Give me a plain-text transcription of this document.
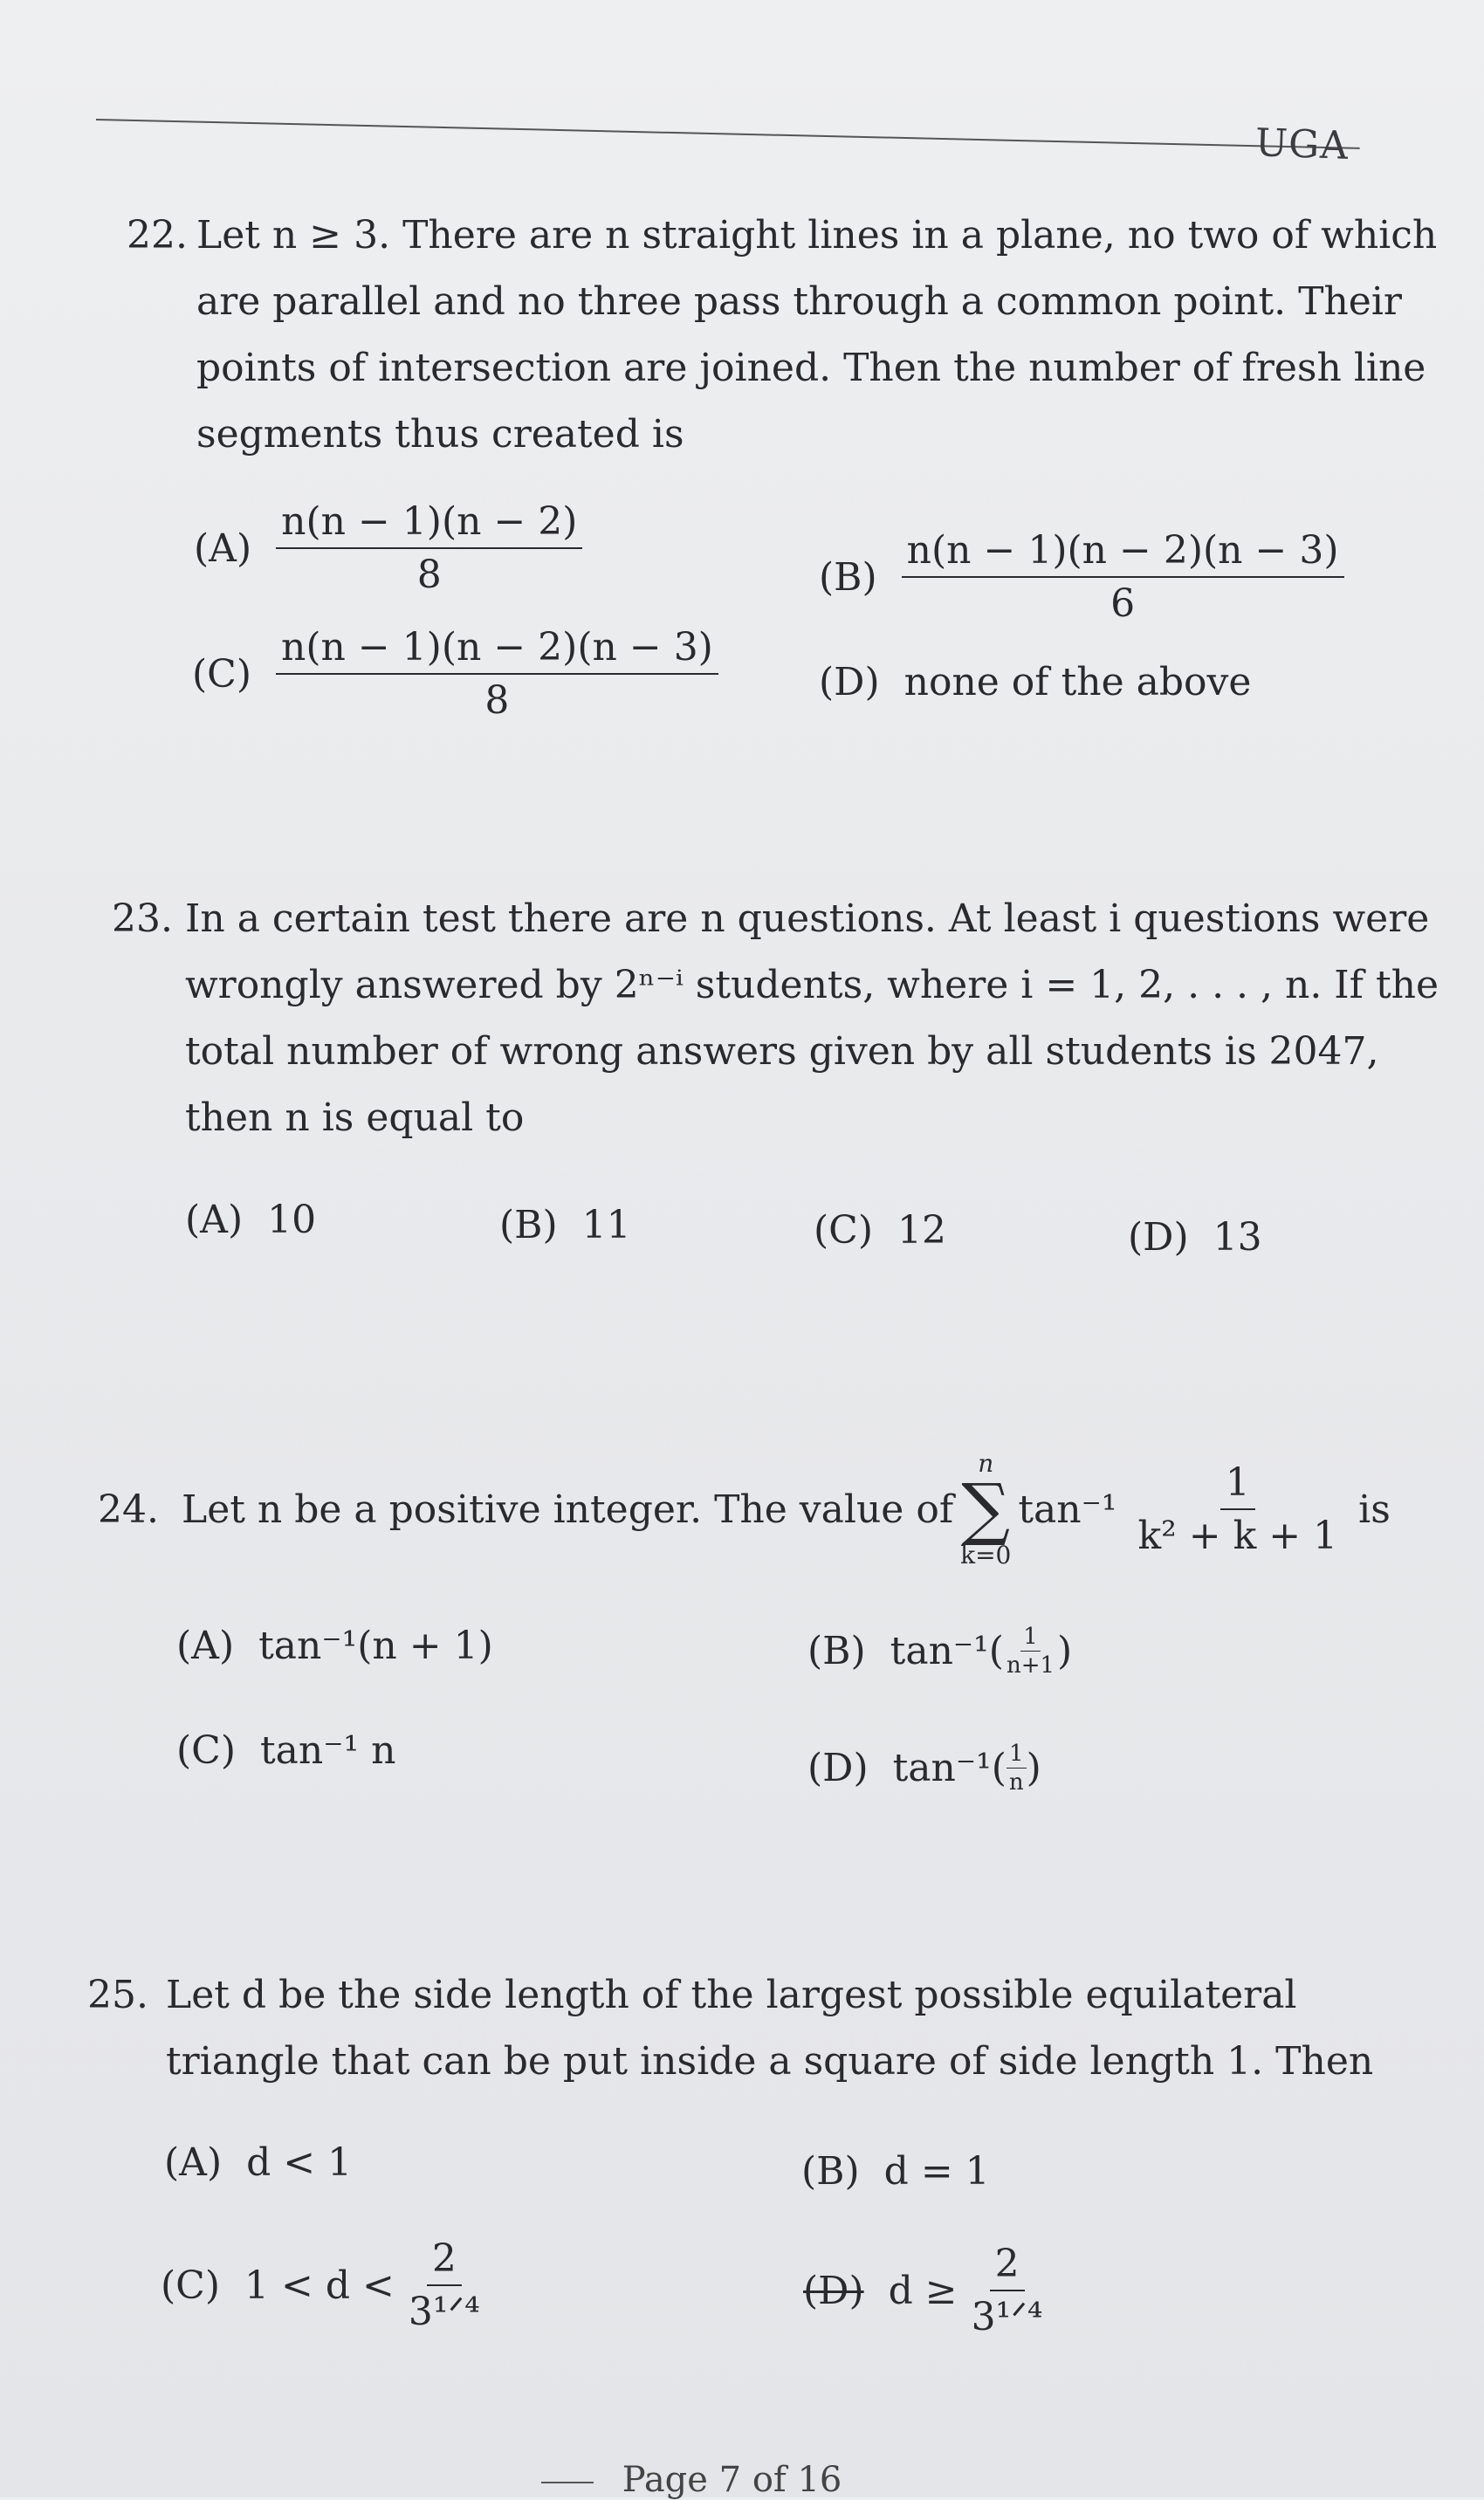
UGA
22. Let n ≥ 3. There are n straight lines in a plane, no two of which
are parallel and no three pass through a common point. Their
points of intersection are joined. Then the number of fresh line
segments thus created is
$(A) \frac{n(n - 1)(n - 2)}{8}$	$(B) \frac{n(n - 1)(n - 2)(n - 3)}{6}$
$(C) \frac{n(n - 1)(n - 2)(n - 3)}{8}$	(D) none of the above
23. In a certain test there are n questions. At least i questions were
wrongly answered by 2ⁿ⁻ⁱ students, where i = 1, 2, . . . , n. If the
total number of wrong answers given by all students is 2047,
then n is equal to
(A) 10	(B) 11	(C) 12	(D) 13
24. Let n be a positive integer. The value of
n
∑
k=0
$\tan^{-1} \frac{1}{\text{k² + k + 1}}$ is
(A) tan⁻¹(n + 1)	(B) $\tan^{-1}( \frac{1}{n+1}$ )
(C) tan⁻¹ n	(D) $\tan^{-1}( \frac{1}{n}$ )
25. Let d be the side length of the largest possible equilateral
triangle that can be put inside a square of side length 1. Then
(A) d < 1	(B) d = 1
(C) $1 < d < \frac{2}{\text{3¹ᐟ⁴}}$	(D) $d \ge \frac{2}{\text{3¹ᐟ⁴}}$
Page 7 of 16
